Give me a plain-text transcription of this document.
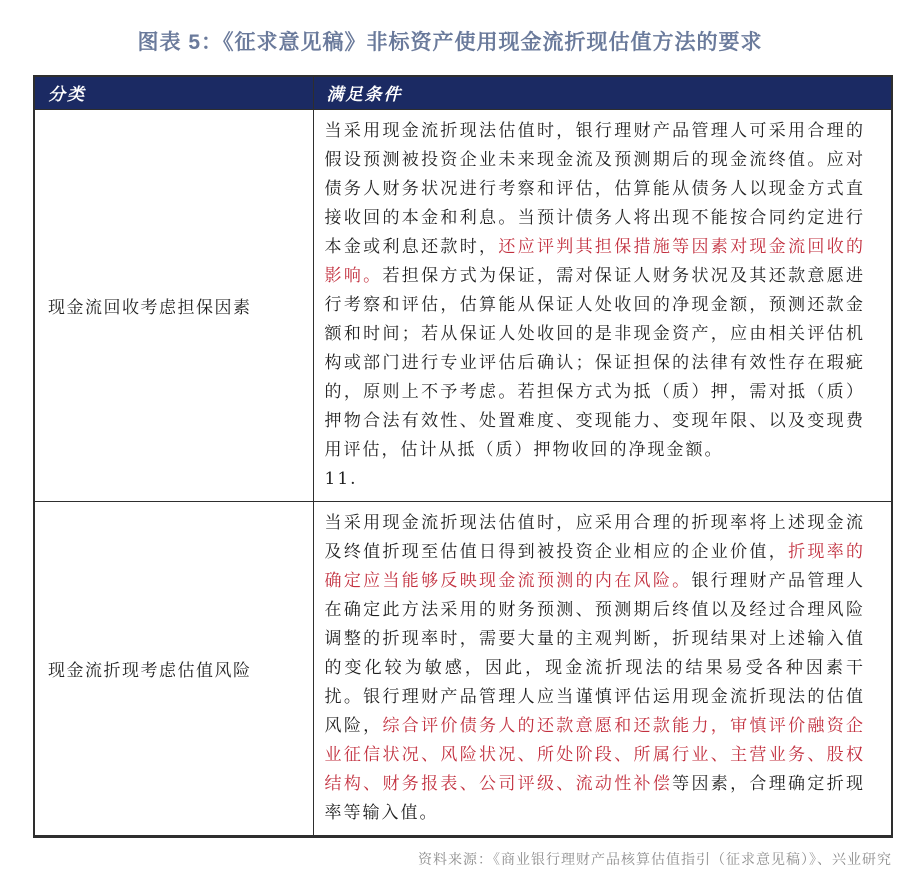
图表 5：《征求意见稿》非标资产使用现金流折现估值方法的要求
分类	满足条件
现金流回收考虑担保因素	当采用现金流折现法估值时，银行理财产品管理人可采用合理的假设预测被投资企业未来现金流及预测期后的现金流终值。应对债务人财务状况进行考察和评估，估算能从债务人以现金方式直接收回的本金和利息。当预计债务人将出现不能按合同约定进行本金或利息还款时，还应评判其担保措施等因素对现金流回收的影响。若担保方式为保证，需对保证人财务状况及其还款意愿进行考察和评估，估算能从保证人处收回的净现金额，预测还款金额和时间；若从保证人处收回的是非现金资产，应由相关评估机构或部门进行专业评估后确认；保证担保的法律有效性存在瑕疵的，原则上不予考虑。若担保方式为抵（质）押，需对抵（质）押物合法有效性、处置难度、变现能力、变现年限、以及变现费用评估，估计从抵（质）押物收回的净现金额。
11.
现金流折现考虑估值风险	当采用现金流折现法估值时，应采用合理的折现率将上述现金流及终值折现至估值日得到被投资企业相应的企业价值，折现率的确定应当能够反映现金流预测的内在风险。银行理财产品管理人在确定此方法采用的财务预测、预测期后终值以及经过合理风险调整的折现率时，需要大量的主观判断，折现结果对上述输入值的变化较为敏感，因此，现金流折现法的结果易受各种因素干扰。银行理财产品管理人应当谨慎评估运用现金流折现法的估值风险，综合评价债务人的还款意愿和还款能力，审慎评价融资企业征信状况、风险状况、所处阶段、所属行业、主营业务、股权结构、财务报表、公司评级、流动性补偿等因素，合理确定折现率等输入值。
资料来源：《商业银行理财产品核算估值指引（征求意见稿）》、兴业研究
